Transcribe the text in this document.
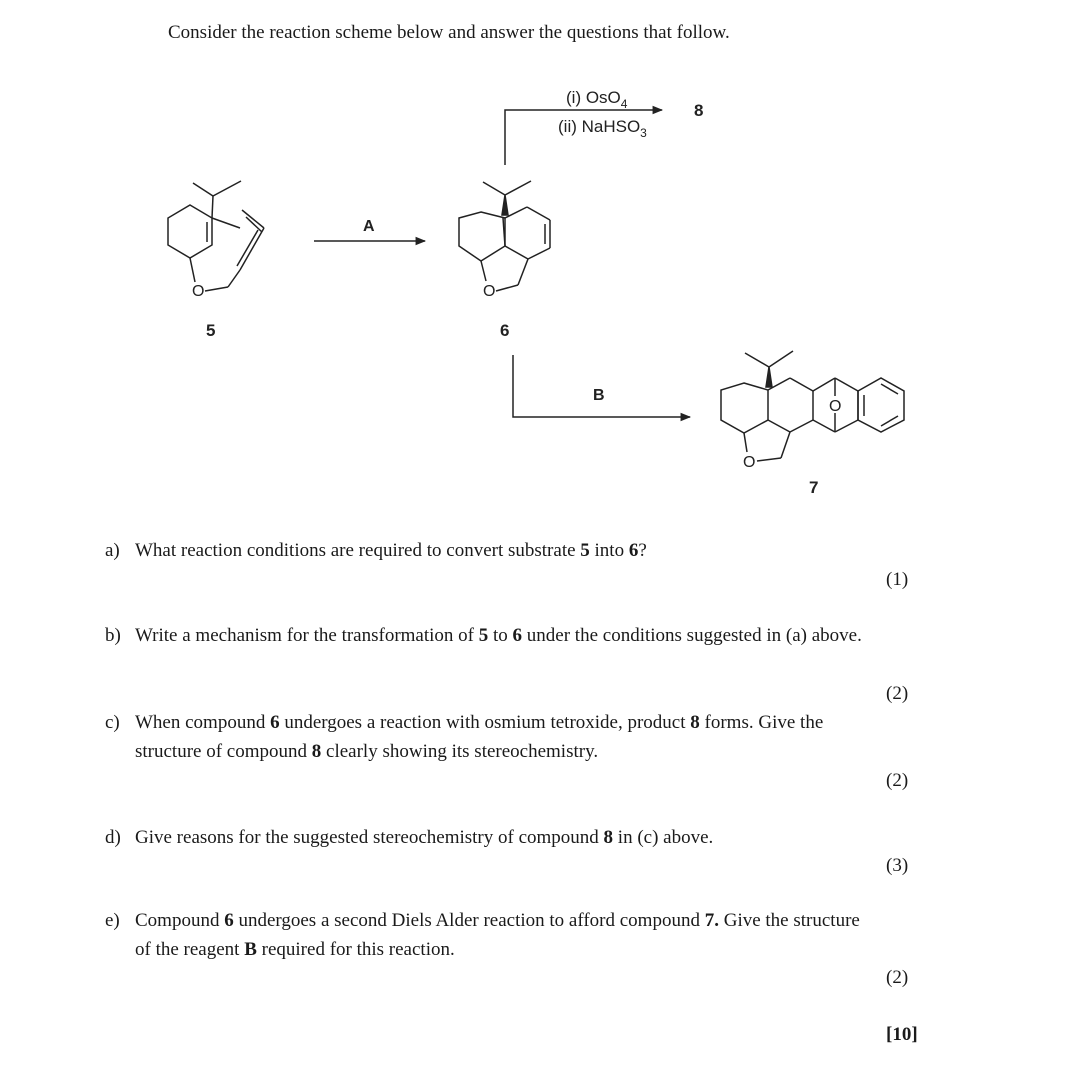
Consider the reaction scheme below and answer the questions that follow.
(i) OsO$_4$
(ii) NaHSO$_3$
8
A
B
5	6
7
O	O
O
O
a) What reaction conditions are required to convert substrate 5 into 6?
(1)
b) Write a mechanism for the transformation of 5 to 6 under the conditions suggested in (a) above.
(2)
c) When compound 6 undergoes a reaction with osmium tetroxide, product 8 forms. Give the
structure of compound 8 clearly showing its stereochemistry.
(2)
d) Give reasons for the suggested stereochemistry of compound 8 in (c) above.
(3)
e) Compound 6 undergoes a second Diels Alder reaction to afford compound 7. Give the structure
of the reagent B required for this reaction.
(2)
[10]
